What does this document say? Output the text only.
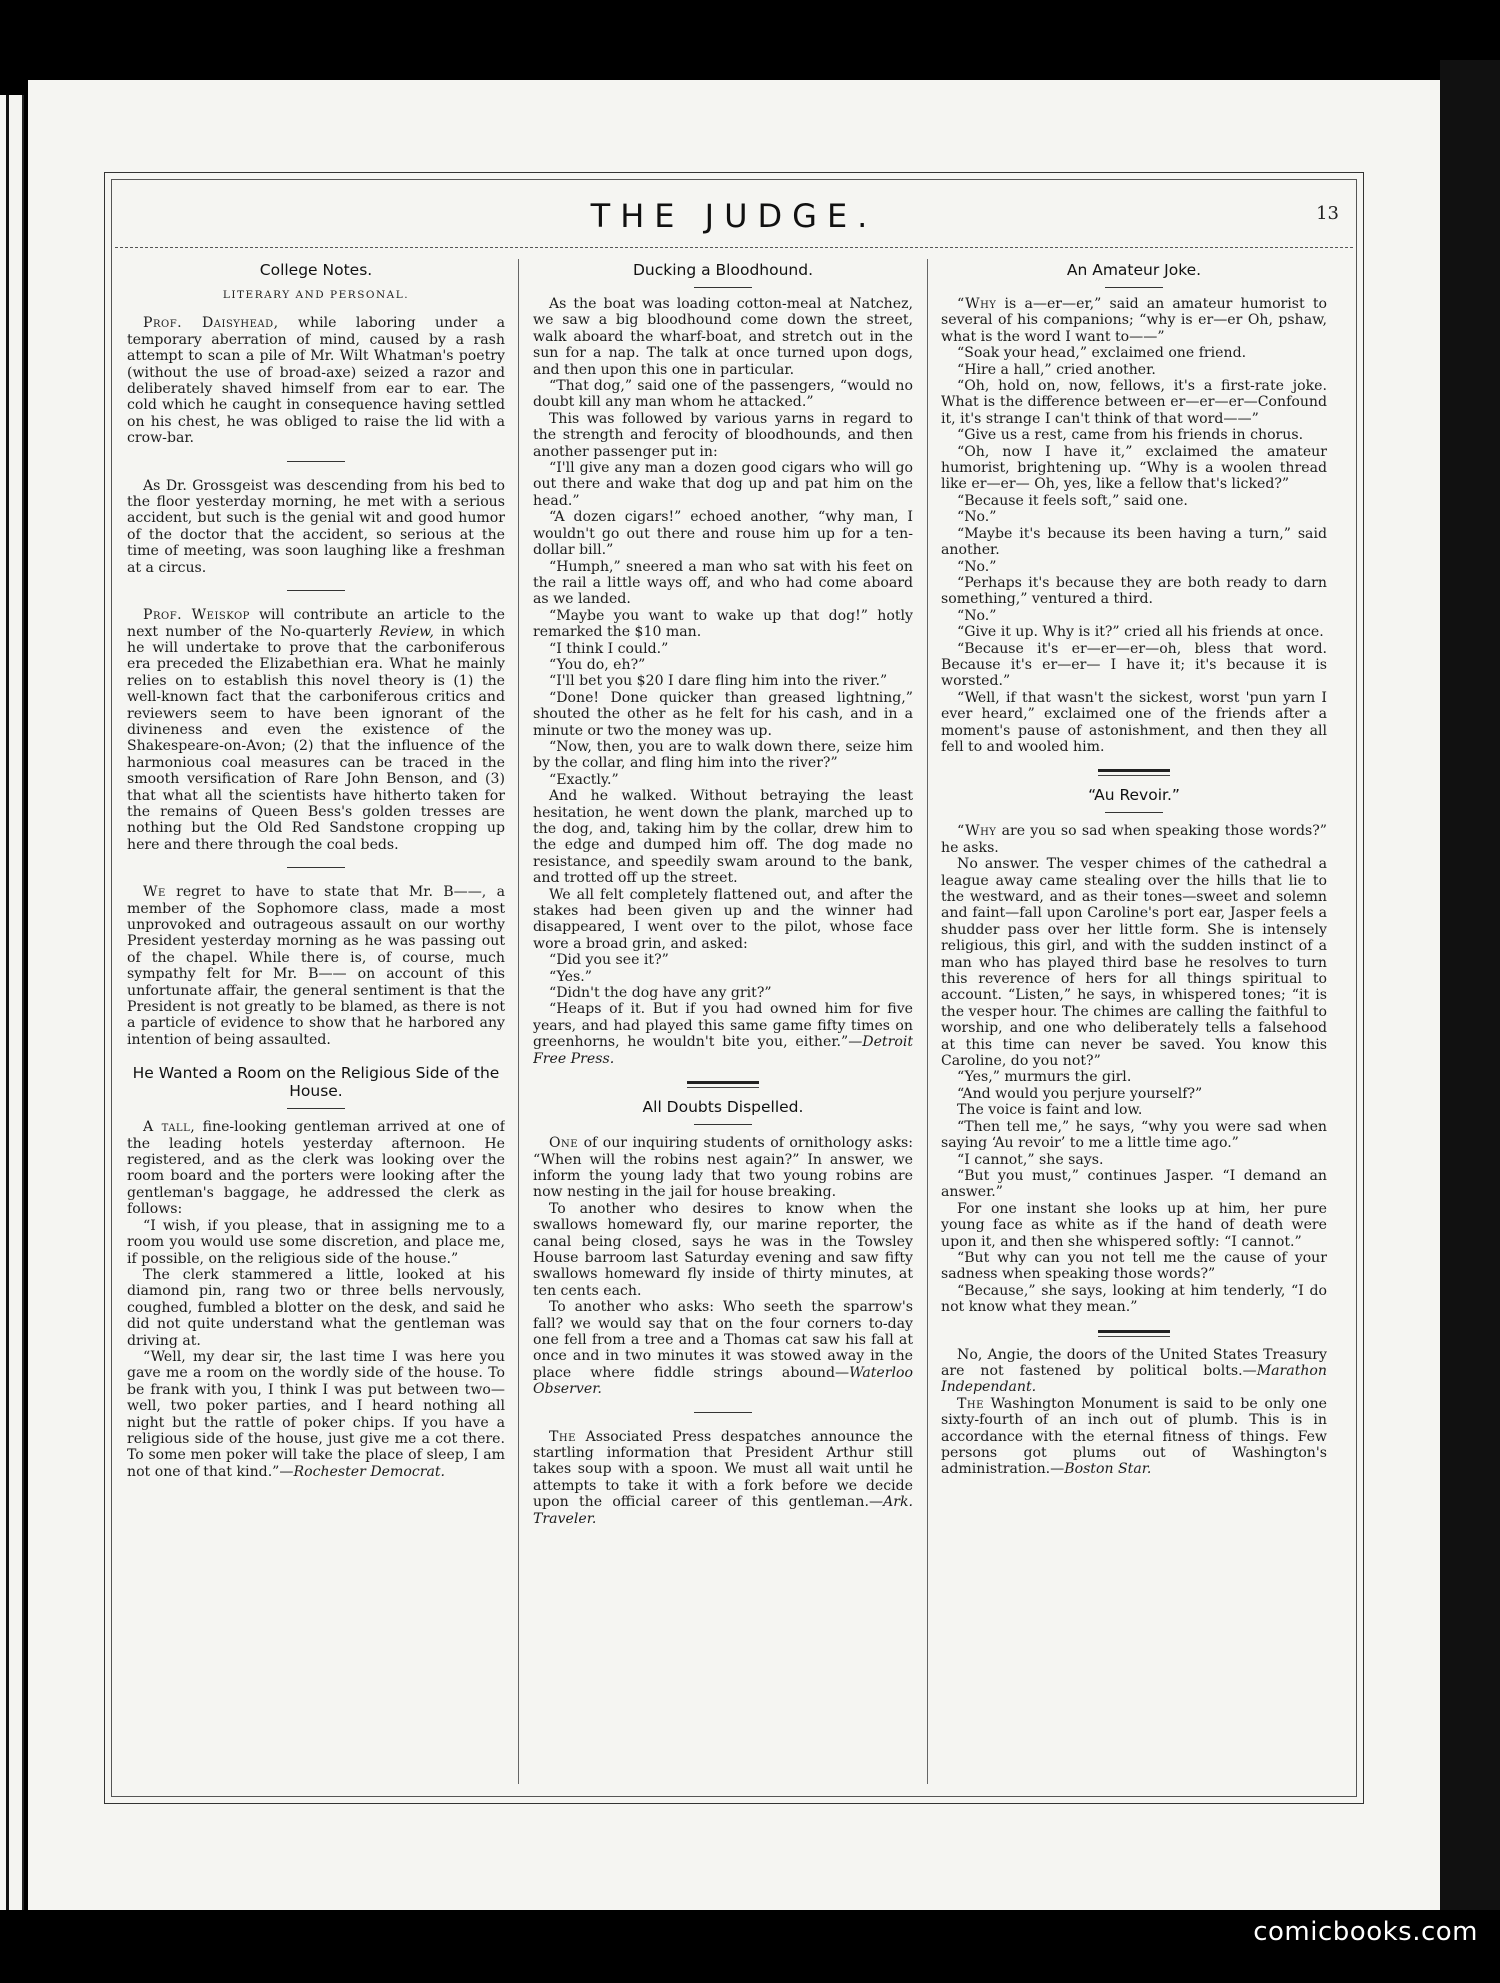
THE JUDGE.	13
College Notes.
LITERARY AND PERSONAL.

Prof. Daisyhead, while laboring under a temporary aberration of mind, caused by a rash attempt to scan a pile of Mr. Wilt Whatman's poetry (without the use of broad-axe) seized a razor and deliberately shaved himself from ear to ear. The cold which he caught in consequence having settled on his chest, he was obliged to raise the lid with a crow-bar.

As Dr. Grossgeist was descending from his bed to the floor yesterday morning, he met with a serious accident, but such is the genial wit and good humor of the doctor that the accident, so serious at the time of meeting, was soon laughing like a freshman at a circus.

Prof. Weiskop will contribute an article to the next number of the No-quarterly Review, in which he will undertake to prove that the carboniferous era preceded the Elizabethian era. What he mainly relies on to establish this novel theory is (1) the well-known fact that the carboniferous critics and reviewers seem to have been ignorant of the divineness and even the existence of the Shakespeare-on-Avon; (2) that the influence of the harmonious coal measures can be traced in the smooth versification of Rare John Benson, and (3) that what all the scientists have hitherto taken for the remains of Queen Bess's golden tresses are nothing but the Old Red Sandstone cropping up here and there through the coal beds.

We regret to have to state that Mr. B——, a member of the Sophomore class, made a most unprovoked and outrageous assault on our worthy President yesterday morning as he was passing out of the chapel. While there is, of course, much sympathy felt for Mr. B—— on account of this unfortunate affair, the general sentiment is that the President is not greatly to be blamed, as there is not a particle of evidence to show that he harbored any intention of being assaulted.

He Wanted a Room on the Religious Side of the House.

A tall, fine-looking gentleman arrived at one of the leading hotels yesterday afternoon. He registered, and as the clerk was looking over the room board and the porters were looking after the gentleman's baggage, he addressed the clerk as follows:

“I wish, if you please, that in assigning me to a room you would use some discretion, and place me, if possible, on the religious side of the house.”

The clerk stammered a little, looked at his diamond pin, rang two or three bells nervously, coughed, fumbled a blotter on the desk, and said he did not quite understand what the gentleman was driving at.

“Well, my dear sir, the last time I was here you gave me a room on the wordly side of the house. To be frank with you, I think I was put between two—well, two poker parties, and I heard nothing all night but the rattle of poker chips. If you have a religious side of the house, just give me a cot there. To some men poker will take the place of sleep, I am not one of that kind.”—Rochester Democrat.

Ducking a Bloodhound.

As the boat was loading cotton-meal at Natchez, we saw a big bloodhound come down the street, walk aboard the wharf-boat, and stretch out in the sun for a nap. The talk at once turned upon dogs, and then upon this one in particular.

“That dog,” said one of the passengers, “would no doubt kill any man whom he attacked.”

This was followed by various yarns in regard to the strength and ferocity of bloodhounds, and then another passenger put in:

“I'll give any man a dozen good cigars who will go out there and wake that dog up and pat him on the head.”

“A dozen cigars!” echoed another, “why man, I wouldn't go out there and rouse him up for a ten-dollar bill.”

“Humph,” sneered a man who sat with his feet on the rail a little ways off, and who had come aboard as we landed.

“Maybe you want to wake up that dog!” hotly remarked the $10 man.

“I think I could.”

“You do, eh?”

“I'll bet you $20 I dare fling him into the river.”

“Done! Done quicker than greased lightning,” shouted the other as he felt for his cash, and in a minute or two the money was up.

“Now, then, you are to walk down there, seize him by the collar, and fling him into the river?”

“Exactly.”

And he walked. Without betraying the least hesitation, he went down the plank, marched up to the dog, and, taking him by the collar, drew him to the edge and dumped him off. The dog made no resistance, and speedily swam around to the bank, and trotted off up the street.

We all felt completely flattened out, and after the stakes had been given up and the winner had disappeared, I went over to the pilot, whose face wore a broad grin, and asked:

“Did you see it?”

“Yes.”

“Didn't the dog have any grit?”

“Heaps of it. But if you had owned him for five years, and had played this same game fifty times on greenhorns, he wouldn't bite you, either.”—Detroit Free Press.

All Doubts Dispelled.

One of our inquiring students of ornithology asks: “When will the robins nest again?” In answer, we inform the young lady that two young robins are now nesting in the jail for house breaking.

To another who desires to know when the swallows homeward fly, our marine reporter, the canal being closed, says he was in the Towsley House barroom last Saturday evening and saw fifty swallows homeward fly inside of thirty minutes, at ten cents each.

To another who asks: Who seeth the sparrow's fall? we would say that on the four corners to-day one fell from a tree and a Thomas cat saw his fall at once and in two minutes it was stowed away in the place where fiddle strings abound—Waterloo Observer.

The Associated Press despatches announce the startling information that President Arthur still takes soup with a spoon. We must all wait until he attempts to take it with a fork before we decide upon the official career of this gentleman.—Ark. Traveler.

An Amateur Joke.

“Why is a—er—er,” said an amateur humorist to several of his companions; “why is er—er Oh, pshaw, what is the word I want to——”

“Soak your head,” exclaimed one friend.

“Hire a hall,” cried another.

“Oh, hold on, now, fellows, it's a first-rate joke. What is the difference between er—er—er—Confound it, it's strange I can't think of that word——”

“Give us a rest, came from his friends in chorus.

“Oh, now I have it,” exclaimed the amateur humorist, brightening up. “Why is a woolen thread like er—er— Oh, yes, like a fellow that's licked?”

“Because it feels soft,” said one.

“No.”

“Maybe it's because its been having a turn,” said another.

“No.”

“Perhaps it's because they are both ready to darn something,” ventured a third.

“No.”

“Give it up. Why is it?” cried all his friends at once.

“Because it's er—er—er—oh, bless that word. Because it's er—er— I have it; it's because it is worsted.”

“Well, if that wasn't the sickest, worst 'pun yarn I ever heard,” exclaimed one of the friends after a moment's pause of astonishment, and then they all fell to and wooled him.

“Au Revoir.”

“Why are you so sad when speaking those words?” he asks.

No answer. The vesper chimes of the cathedral a league away came stealing over the hills that lie to the westward, and as their tones—sweet and solemn and faint—fall upon Caroline's port ear, Jasper feels a shudder pass over her little form. She is intensely religious, this girl, and with the sudden instinct of a man who has played third base he resolves to turn this reverence of hers for all things spiritual to account. “Listen,” he says, in whispered tones; “it is the vesper hour. The chimes are calling the faithful to worship, and one who deliberately tells a falsehood at this time can never be saved. You know this Caroline, do you not?”

“Yes,” murmurs the girl.

“And would you perjure yourself?”

The voice is faint and low.

“Then tell me,” he says, “why you were sad when saying ‘Au revoir’ to me a little time ago.”

“I cannot,” she says.

“But you must,” continues Jasper. “I demand an answer.”

For one instant she looks up at him, her pure young face as white as if the hand of death were upon it, and then she whispered softly: “I cannot.”

“But why can you not tell me the cause of your sadness when speaking those words?”

“Because,” she says, looking at him tenderly, “I do not know what they mean.”

No, Angie, the doors of the United States Treasury are not fastened by political bolts.—Marathon Independant.

The Washington Monument is said to be only one sixty-fourth of an inch out of plumb. This is in accordance with the eternal fitness of things. Few persons got plums out of Washington's administration.—Boston Star.

comicbooks.com
